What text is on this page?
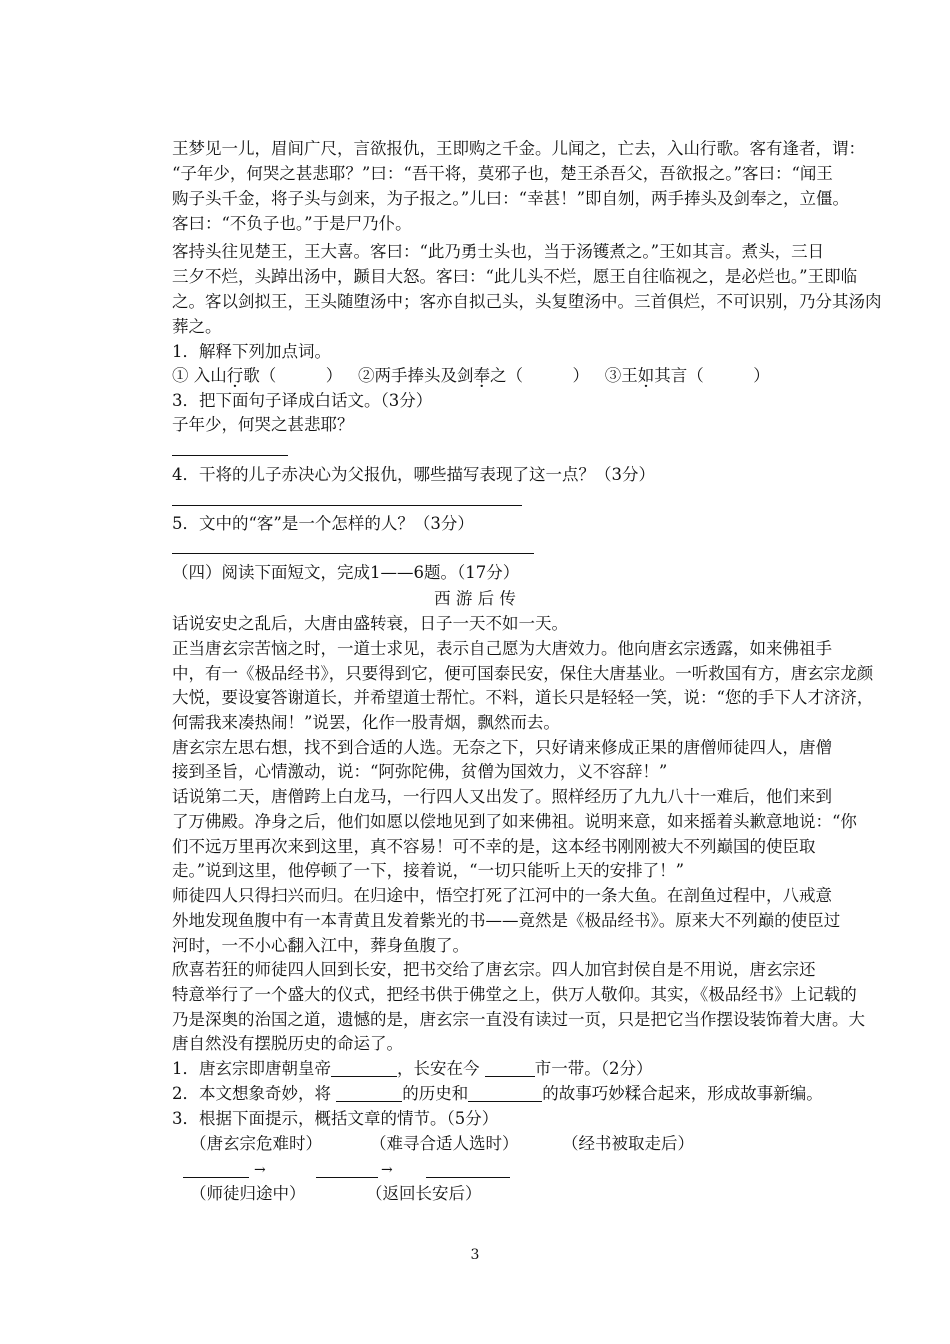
王梦见一儿，眉间广尺，言欲报仇，王即购之千金。儿闻之，亡去，入山行歌。客有逢者，谓：
“子年少，何哭之甚悲耶？”曰：“吾干将，莫邪子也，楚王杀吾父，吾欲报之。”客曰：“闻王
购子头千金，将子头与剑来，为子报之。”儿曰：“幸甚！”即自刎，两手捧头及剑奉之，立僵。
客曰：“不负子也。”于是尸乃仆。
客持头往见楚王，王大喜。客曰：“此乃勇士头也，当于汤镬煮之。”王如其言。煮头，三日
三夕不烂，头踔出汤中，踬目大怒。客曰：“此儿头不烂，愿王自往临视之，是必烂也。”王即临
之。客以剑拟王，王头随堕汤中；客亦自拟己头，头复堕汤中。三首俱烂，不可识别，乃分其汤肉
葬之。
1．解释下列加点词。
① 入山行歌（　　　） ②两手捧头及剑奉之（　　　） ③王如其言（　　　）
3．把下面句子译成白话文。（3分）
子年少，何哭之甚悲耶？
4．干将的儿子赤决心为父报仇，哪些描写表现了这一点？（3分）
5．文中的“客”是一个怎样的人？（3分）
（四）阅读下面短文，完成1——6题。（17分）
西 游 后 传
话说安史之乱后，大唐由盛转衰，日子一天不如一天。
正当唐玄宗苦恼之时，一道士求见，表示自己愿为大唐效力。他向唐玄宗透露，如来佛祖手
中，有一《极品经书》，只要得到它，便可国泰民安，保住大唐基业。一听救国有方，唐玄宗龙颜
大悦，要设宴答谢道长，并希望道士帮忙。不料，道长只是轻轻一笑，说：“您的手下人才济济，
何需我来凑热闹！”说罢，化作一股青烟，飘然而去。
唐玄宗左思右想，找不到合适的人选。无奈之下，只好请来修成正果的唐僧师徒四人，唐僧
接到圣旨，心情激动，说：“阿弥陀佛，贫僧为国效力，义不容辞！”
话说第二天，唐僧跨上白龙马，一行四人又出发了。照样经历了九九八十一难后，他们来到
了万佛殿。净身之后，他们如愿以偿地见到了如来佛祖。说明来意，如来摇着头歉意地说：“你
们不远万里再次来到这里，真不容易！可不幸的是，这本经书刚刚被大不列巅国的使臣取
走。”说到这里，他停顿了一下，接着说，“一切只能听上天的安排了！”
师徒四人只得扫兴而归。在归途中，悟空打死了江河中的一条大鱼。在剖鱼过程中，八戒意
外地发现鱼腹中有一本青黄且发着紫光的书——竟然是《极品经书》。原来大不列巅的使臣过
河时，一不小心翻入江中，葬身鱼腹了。
欣喜若狂的师徒四人回到长安，把书交给了唐玄宗。四人加官封侯自是不用说，唐玄宗还
特意举行了一个盛大的仪式，把经书供于佛堂之上，供万人敬仰。其实，《极品经书》上记载的
乃是深奥的治国之道，遗憾的是，唐玄宗一直没有读过一页，只是把它当作摆设装饰着大唐。大
唐自然没有摆脱历史的命运了。
1．唐玄宗即唐朝皇帝	，长安在今	市一带。（2分）
2．本文想象奇妙，将	的历史和	的故事巧妙糅合起来，形成故事新编。
3．根据下面提示，概括文章的情节。（5分）
（唐玄宗危难时）	（难寻合适人选时）	（经书被取走后）
→	→
（师徒归途中）	（返回长安后）
3
